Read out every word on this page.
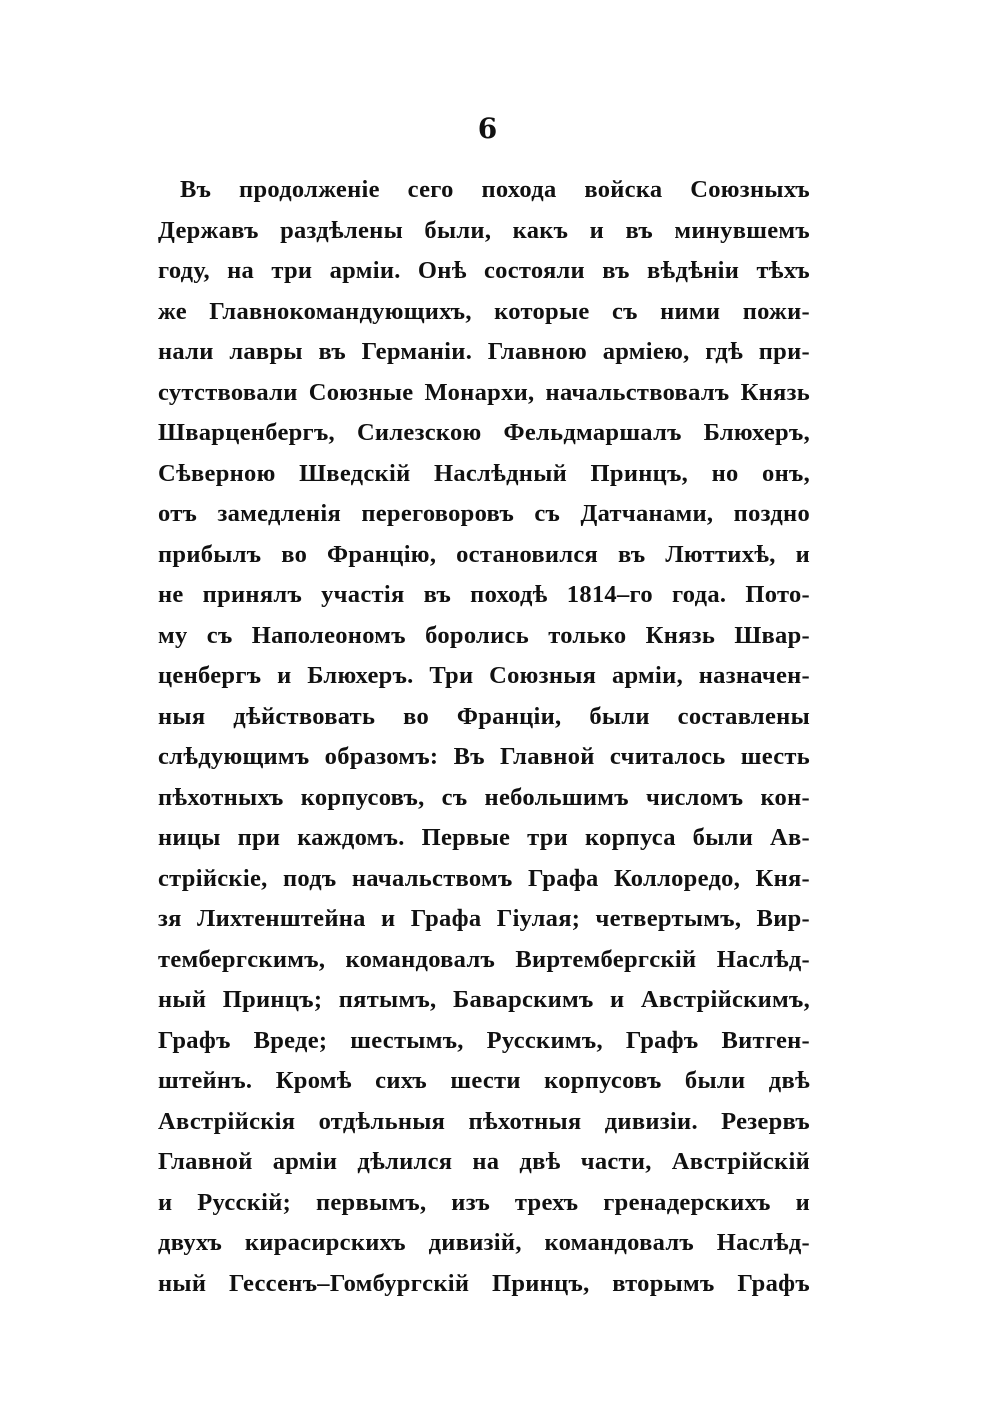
6
Въ продолженіе сего похода войска Союзныхъ
Державъ раздѣлены были, какъ и въ минувшемъ
году, на три арміи. Онѣ состояли въ вѣдѣніи тѣхъ
же Главнокомандующихъ, которые съ ними пожи-
нали лавры въ Германіи. Главною арміею, гдѣ при-
сутствовали Союзные Монархи, начальствовалъ Князь
Шварценбергъ, Силезскою Фельдмаршалъ Блюхеръ,
Сѣверною Шведскій Наслѣдный Принцъ, но онъ,
отъ замедленія переговоровъ съ Датчанами, поздно
прибылъ во Францію, остановился въ Люттихѣ, и
не принялъ участія въ походѣ 1814–го года. Пото-
му съ Наполеономъ боролись только Князь Швар-
ценбергъ и Блюхеръ. Три Союзныя арміи, назначен-
ныя дѣйствовать во Франціи, были составлены
слѣдующимъ образомъ: Въ Главной считалось шесть
пѣхотныхъ корпусовъ, съ небольшимъ числомъ кон-
ницы при каждомъ. Первые три корпуса были Ав-
стрійскіе, подъ начальствомъ Графа Коллоредо, Кня-
зя Лихтенштейна и Графа Гіулая; четвертымъ, Вир-
тембергскимъ, командовалъ Виртембергскій Наслѣд-
ный Принцъ; пятымъ, Баварскимъ и Австрійскимъ,
Графъ Вреде; шестымъ, Русскимъ, Графъ Витген-
штейнъ. Кромѣ сихъ шести корпусовъ были двѣ
Австрійскія отдѣльныя пѣхотныя дивизіи. Резервъ
Главной арміи дѣлился на двѣ части, Австрійскій
и Русскій; первымъ, изъ трехъ гренадерскихъ и
двухъ кирасирскихъ дивизій, командовалъ Наслѣд-
ный Гессенъ–Гомбургскій Принцъ, вторымъ Графъ
